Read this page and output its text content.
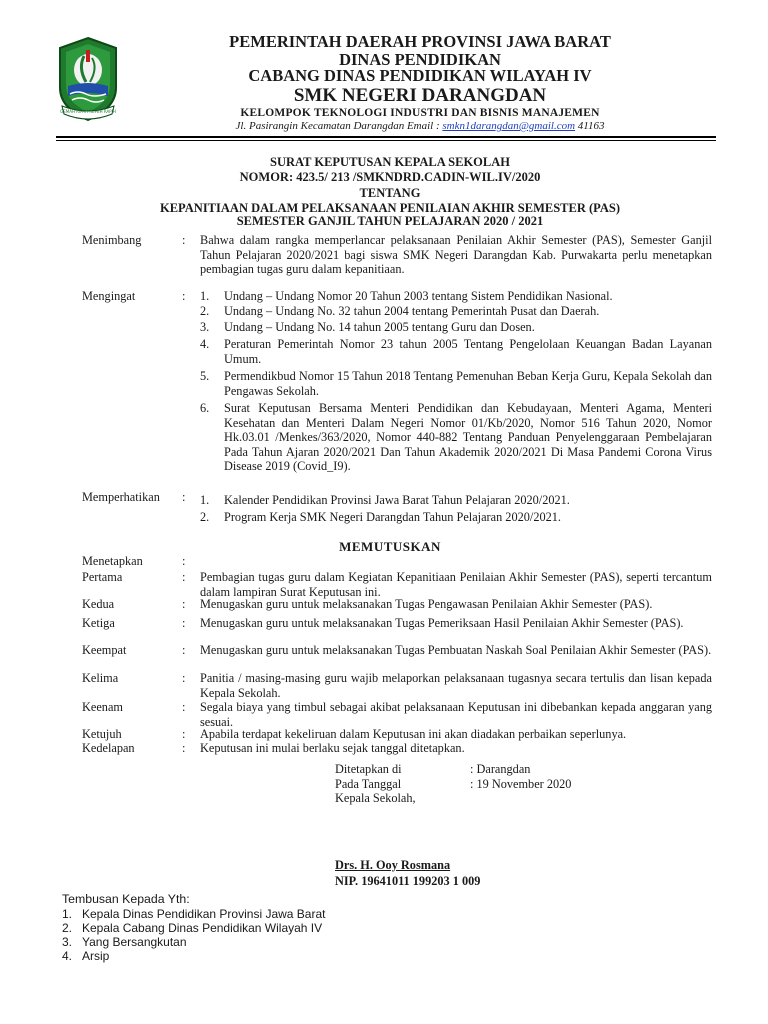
GEMAH RIPAH REPEH RAPIH
PEMERINTAH DAERAH PROVINSI JAWA BARAT
DINAS PENDIDIKAN
CABANG DINAS PENDIDIKAN WILAYAH IV
SMK NEGERI DARANGDAN
KELOMPOK TEKNOLOGI INDUSTRI DAN BISNIS MANAJEMEN
Jl. Pasirangin Kecamatan Darangdan Email : smkn1darangdan@gmail.com 41163
SURAT KEPUTUSAN KEPALA SEKOLAH
NOMOR: 423.5/ 213 /SMKNDRD.CADIN-WIL.IV/2020
TENTANG
KEPANITIAAN DALAM PELAKSANAAN PENILAIAN AKHIR SEMESTER (PAS)
SEMESTER GANJIL TAHUN PELAJARAN 2020 / 2021
Menimbang	: Bahwa dalam rangka memperlancar pelaksanaan Penilaian Akhir Semester (PAS), Semester Ganjil Tahun Pelajaran 2020/2021 bagi siswa SMK Negeri Darangdan Kab. Purwakarta perlu menetapkan pembagian tugas guru dalam kepanitiaan.
Mengingat	: 1. Undang – Undang Nomor 20 Tahun 2003 tentang Sistem Pendidikan Nasional.
2. Undang – Undang No. 32 tahun 2004 tentang Pemerintah Pusat dan Daerah.
3. Undang – Undang No. 14 tahun 2005 tentang Guru dan Dosen.
4. Peraturan Pemerintah Nomor 23 tahun 2005 Tentang Pengelolaan Keuangan Badan Layanan Umum.
5. Permendikbud Nomor 15 Tahun 2018 Tentang Pemenuhan Beban Kerja Guru, Kepala Sekolah dan Pengawas Sekolah.
6. Surat Keputusan Bersama Menteri Pendidikan dan Kebudayaan, Menteri Agama, Menteri Kesehatan dan Menteri Dalam Negeri Nomor 01/Kb/2020, Nomor 516 Tahun 2020, Nomor Hk.03.01 /Menkes/363/2020, Nomor 440-882 Tentang Panduan Penyelenggaraan Pembelajaran Pada Tahun Ajaran 2020/2021 Dan Tahun Akademik 2020/2021 Di Masa Pandemi Corona Virus Disease 2019 (Covid_I9).
Memperhatikan : 1. Kalender Pendidikan Provinsi Jawa Barat Tahun Pelajaran 2020/2021.
2. Program Kerja SMK Negeri Darangdan Tahun Pelajaran 2020/2021.
MEMUTUSKAN
Menetapkan	:
Pertama	: Pembagian tugas guru dalam Kegiatan Kepanitiaan Penilaian Akhir Semester (PAS), seperti tercantum dalam lampiran Surat Keputusan ini.
Kedua	: Menugaskan guru untuk melaksanakan Tugas Pengawasan Penilaian Akhir Semester (PAS).
Ketiga	: Menugaskan guru untuk melaksanakan Tugas Pemeriksaan Hasil Penilaian Akhir Semester (PAS).
Keempat	: Menugaskan guru untuk melaksanakan Tugas Pembuatan Naskah Soal Penilaian Akhir Semester (PAS).
Kelima	: Panitia / masing-masing guru wajib melaporkan pelaksanaan tugasnya secara tertulis dan lisan kepada Kepala Sekolah.
Keenam	: Segala biaya yang timbul sebagai akibat pelaksanaan Keputusan ini dibebankan kepada anggaran yang sesuai.
Ketujuh	: Apabila terdapat kekeliruan dalam Keputusan ini akan diadakan perbaikan seperlunya.
Kedelapan	: Keputusan ini mulai berlaku sejak tanggal ditetapkan.
Ditetapkan di	: Darangdan
Pada Tanggal	: 19 November 2020
Kepala Sekolah,
Drs. H. Ooy Rosmana
NIP. 19641011 199203 1 009
Tembusan Kepada Yth:
1. Kepala Dinas Pendidikan Provinsi Jawa Barat
2. Kepala Cabang Dinas Pendidikan Wilayah IV
3. Yang Bersangkutan
4. Arsip
